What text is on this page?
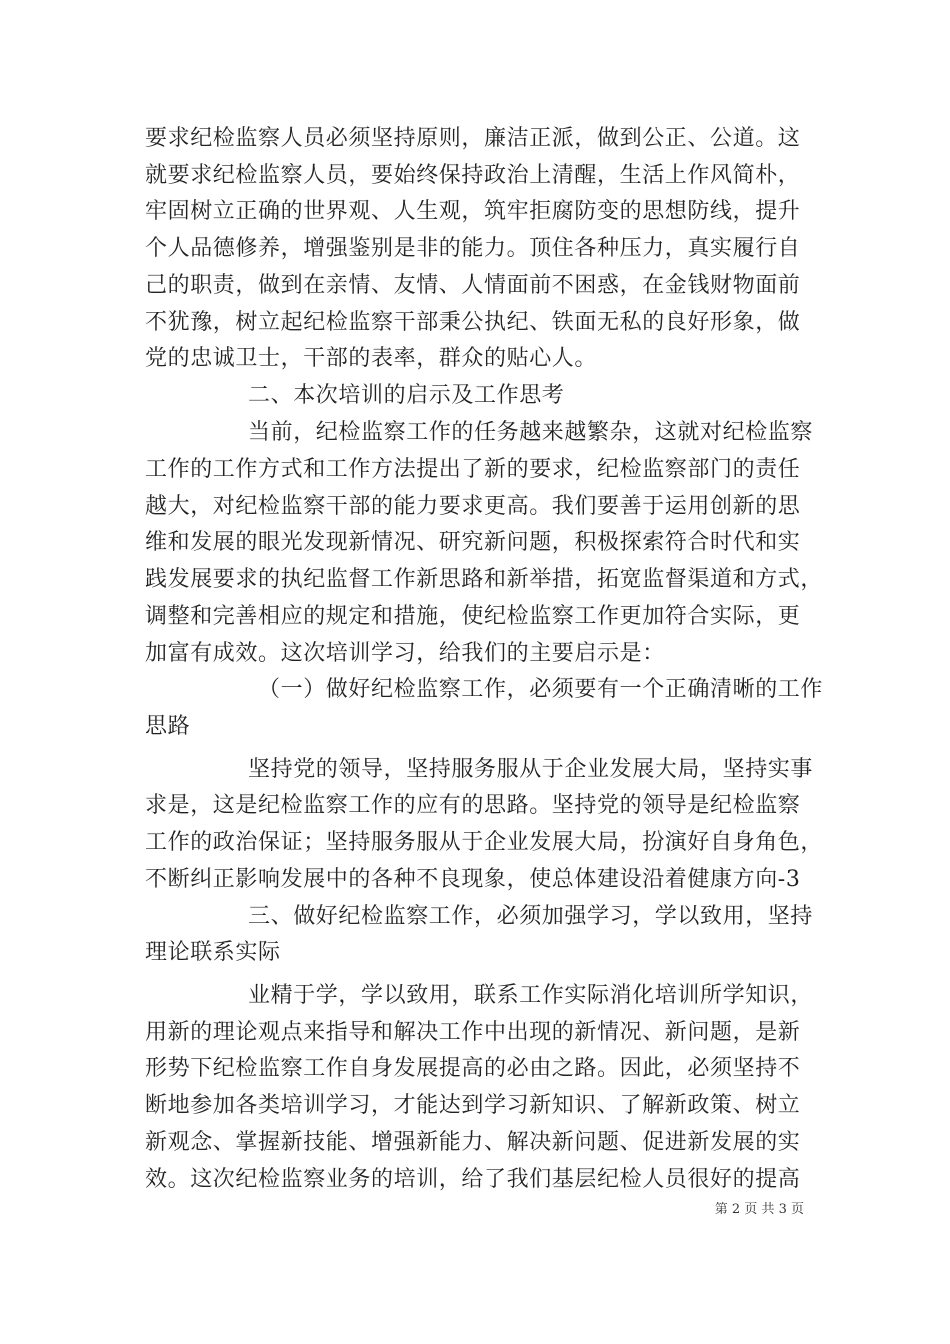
要求纪检监察人员必须坚持原则，廉洁正派，做到公正、公道。这
就要求纪检监察人员，要始终保持政治上清醒，生活上作风简朴，
牢固树立正确的世界观、人生观，筑牢拒腐防变的思想防线，提升
个人品德修养，增强鉴别是非的能力。顶住各种压力，真实履行自
己的职责，做到在亲情、友情、人情面前不困惑，在金钱财物面前
不犹豫，树立起纪检监察干部秉公执纪、铁面无私的良好形象，做
党的忠诚卫士，干部的表率，群众的贴心人。
二、本次培训的启示及工作思考
当前，纪检监察工作的任务越来越繁杂，这就对纪检监察
工作的工作方式和工作方法提出了新的要求，纪检监察部门的责任
越大，对纪检监察干部的能力要求更高。我们要善于运用创新的思
维和发展的眼光发现新情况、研究新问题，积极探索符合时代和实
践发展要求的执纪监督工作新思路和新举措，拓宽监督渠道和方式，
调整和完善相应的规定和措施，使纪检监察工作更加符合实际，更
加富有成效。这次培训学习，给我们的主要启示是：
（一）做好纪检监察工作，必须要有一个正确清晰的工作
思路
坚持党的领导，坚持服务服从于企业发展大局，坚持实事
求是，这是纪检监察工作的应有的思路。坚持党的领导是纪检监察
工作的政治保证；坚持服务服从于企业发展大局，扮演好自身角色，
不断纠正影响发展中的各种不良现象，使总体建设沿着健康方向-3
三、做好纪检监察工作，必须加强学习，学以致用，坚持
理论联系实际
业精于学，学以致用，联系工作实际消化培训所学知识，
用新的理论观点来指导和解决工作中出现的新情况、新问题，是新
形势下纪检监察工作自身发展提高的必由之路。因此，必须坚持不
断地参加各类培训学习，才能达到学习新知识、了解新政策、树立
新观念、掌握新技能、增强新能力、解决新问题、促进新发展的实
效。这次纪检监察业务的培训，给了我们基层纪检人员很好的提高
第 2 页 共 3 页
